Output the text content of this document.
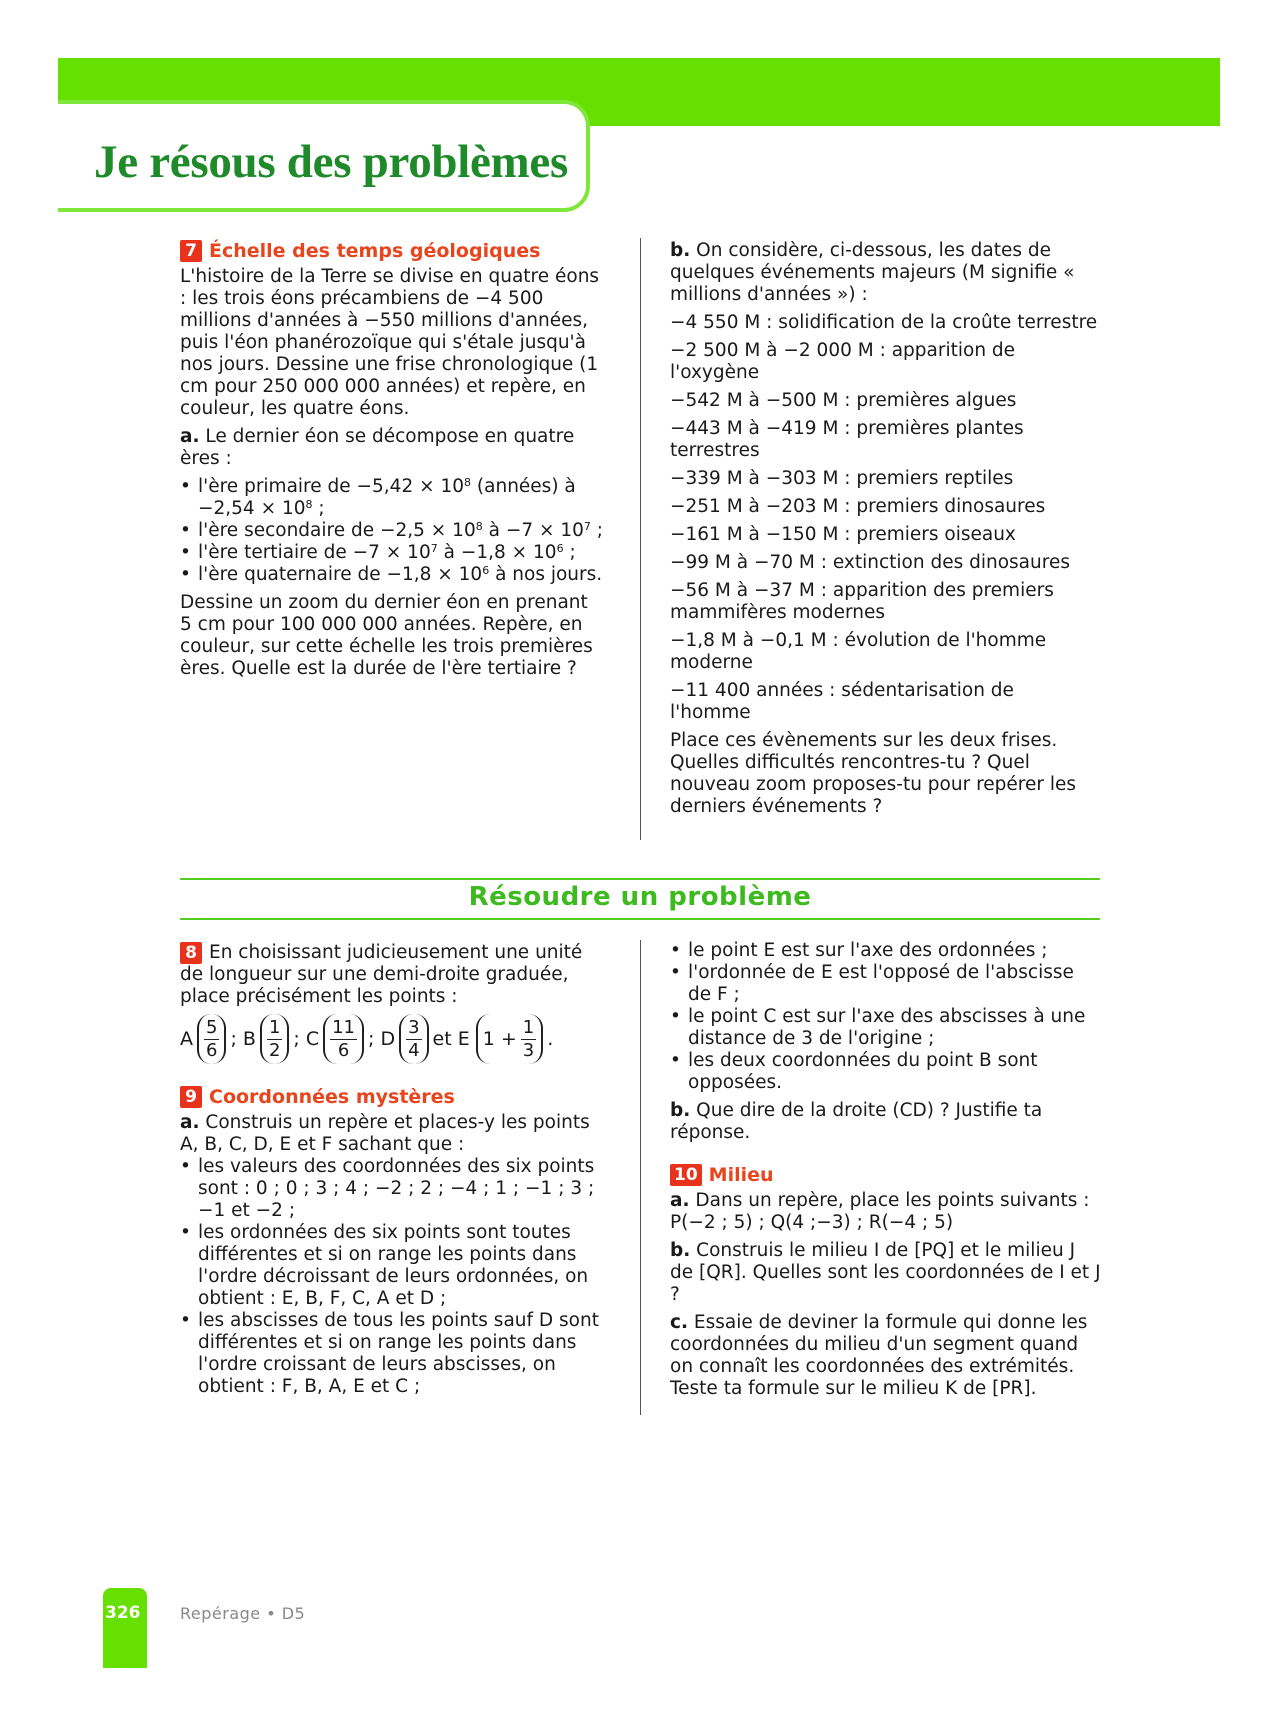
Je résous des problèmes
7 Échelle des temps géologiques

L'histoire de la Terre se divise en quatre éons : les trois éons précambiens de −4 500 millions d'années à −550 millions d'années, puis l'éon phanérozoïque qui s'étale jusqu'à nos jours. Dessine une frise chronologique (1 cm pour 250 000 000 années) et repère, en couleur, les quatre éons.

a. Le dernier éon se décompose en quatre ères :

• l'ère primaire de $-5,42 \times 10^8$ (années) à $-2,54 \times 10^8$ ;
• l'ère secondaire de $-2,5 \times 10^8$ à $-7 \times 10^7$ ;
• l'ère tertiaire de $-7 \times 10^7$ à $-1,8 \times 10^6$ ;
• l'ère quaternaire de $-1,8 \times 10^6$ à nos jours.

Dessine un zoom du dernier éon en prenant 5 cm pour 100 000 000 années. Repère, en couleur, sur cette échelle les trois premières ères. Quelle est la durée de l'ère tertiaire ?

b. On considère, ci-dessous, les dates de quelques événements majeurs (M signifie « millions d'années ») :

−4 550 M : solidification de la croûte terrestre

−2 500 M à −2 000 M : apparition de l'oxygène

−542 M à −500 M : premières algues

−443 M à −419 M : premières plantes terrestres

−339 M à −303 M : premiers reptiles

−251 M à −203 M : premiers dinosaures

−161 M à −150 M : premiers oiseaux

−99 M à −70 M : extinction des dinosaures

−56 M à −37 M : apparition des premiers mammifères modernes

−1,8 M à −0,1 M : évolution de l'homme moderne

−11 400 années : sédentarisation de l'homme

Place ces évènements sur les deux frises. Quelles difficultés rencontres-tu ? Quel nouveau zoom proposes-tu pour repérer les derniers événements ?

Résoudre un problème

8 En choisissant judicieusement une unité de longueur sur une demi-droite graduée, place précisément les points :

A $\frac{5}{6}$ ; B $\frac{1}{2}$ ; C $\frac{11}{6}$ ; D $\frac{3}{4}$ et E $1 + \frac{1}{3}$ .
9 Coordonnées mystères

a. Construis un repère et places-y les points A, B, C, D, E et F sachant que :

• les valeurs des coordonnées des six points sont : 0 ; 0 ; 3 ; 4 ; −2 ; 2 ; −4 ; 1 ; −1 ; 3 ; −1 et −2 ;
• les ordonnées des six points sont toutes différentes et si on range les points dans l'ordre décroissant de leurs ordonnées, on obtient : E, B, F, C, A et D ;
• les abscisses de tous les points sauf D sont différentes et si on range les points dans l'ordre croissant de leurs abscisses, on obtient : F, B, A, E et C ;
• le point E est sur l'axe des ordonnées ;
• l'ordonnée de E est l'opposé de l'abscisse de F ;
• le point C est sur l'axe des abscisses à une distance de 3 de l'origine ;
• les deux coordonnées du point B sont opposées.

b. Que dire de la droite (CD) ? Justifie ta réponse.

10 Milieu

a. Dans un repère, place les points suivants : P(−2 ; 5) ; Q(4 ;−3) ; R(−4 ; 5)

b. Construis le milieu I de [PQ] et le milieu J de [QR]. Quelles sont les coordonnées de I et J ?

c. Essaie de deviner la formule qui donne les coordonnées du milieu d'un segment quand on connaît les coordonnées des extrémités. Teste ta formule sur le milieu K de [PR].

326 Repérage • D5
